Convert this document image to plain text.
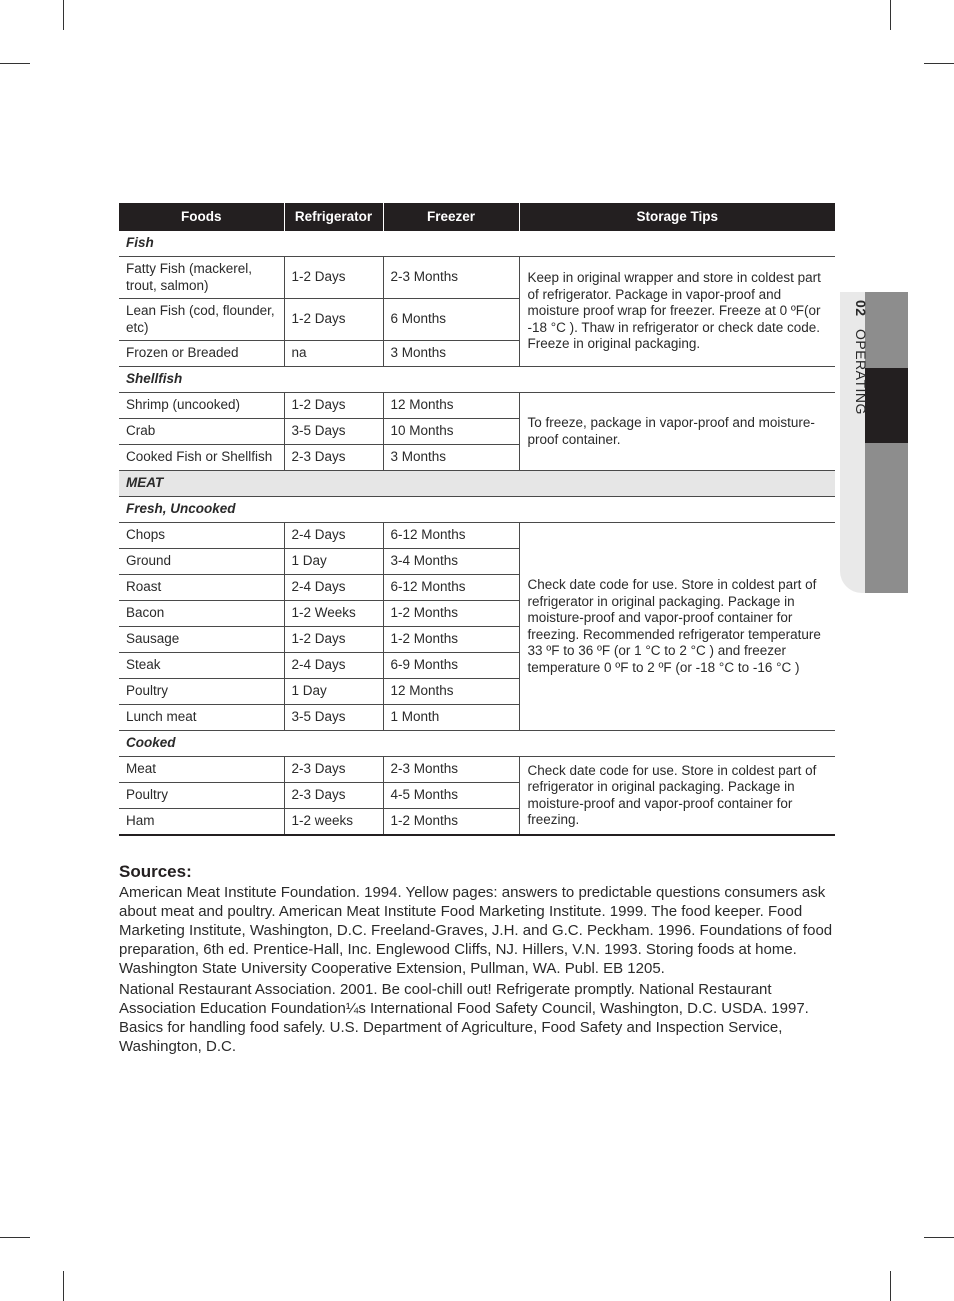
02 OPERATING
Foods	Refrigerator	Freezer	Storage Tips
Fish			
Fatty Fish (mackerel, trout, salmon)	1-2 Days	2-3 Months	Keep in original wrapper and store in coldest part of refrigerator. Package in vapor-proof and moisture proof wrap for freezer. Freeze at 0 ºF(or -18 °C ). Thaw in refrigerator or check date code. Freeze in original packaging.
Lean Fish (cod, flounder, etc)	1-2 Days	6 Months	
Frozen or Breaded	na	3 Months	
Shellfish			
Shrimp (uncooked)	1-2 Days	12 Months	To freeze, package in vapor-proof and moisture-proof container.
Crab	3-5 Days	10 Months	
Cooked Fish or Shellfish	2-3 Days	3 Months	
MEAT			
Fresh, Uncooked			
Chops	2-4 Days	6-12 Months	Check date code for use. Store in coldest part of refrigerator in original packaging. Package in moisture-proof and vapor-proof container for freezing. Recommended refrigerator temperature 33 ºF to 36 ºF (or 1 °C to 2 °C ) and freezer temperature 0 ºF to 2 ºF (or -18 °C to -16 °C )
Ground	1 Day	3-4 Months	
Roast	2-4 Days	6-12 Months	
Bacon	1-2 Weeks	1-2 Months	
Sausage	1-2 Days	1-2 Months	
Steak	2-4 Days	6-9 Months	
Poultry	1 Day	12 Months	
Lunch meat	3-5 Days	1 Month	
Cooked			
Meat	2-3 Days	2-3 Months	Check date code for use. Store in coldest part of refrigerator in original packaging. Package in moisture-proof and vapor-proof container for freezing.
Poultry	2-3 Days	4-5 Months	
Ham	1-2 weeks	1-2 Months	
Sources:

American Meat Institute Foundation. 1994. Yellow pages: answers to predictable questions consumers ask about meat and poultry. American Meat Institute Food Marketing Institute. 1999. The food keeper. Food Marketing Institute, Washington, D.C. Freeland-Graves, J.H. and G.C. Peckham. 1996. Foundations of food preparation, 6th ed. Prentice-Hall, Inc. Englewood Cliffs, NJ. Hillers, V.N. 1993. Storing foods at home. Washington State University Cooperative Extension, Pullman, WA. Publ. EB 1205.

National Restaurant Association. 2001. Be cool-chill out! Refrigerate promptly. National Restaurant Association Education Foundation¼s International Food Safety Council, Washington, D.C. USDA. 1997. Basics for handling food safely. U.S. Department of Agriculture, Food Safety and Inspection Service, Washington, D.C.
